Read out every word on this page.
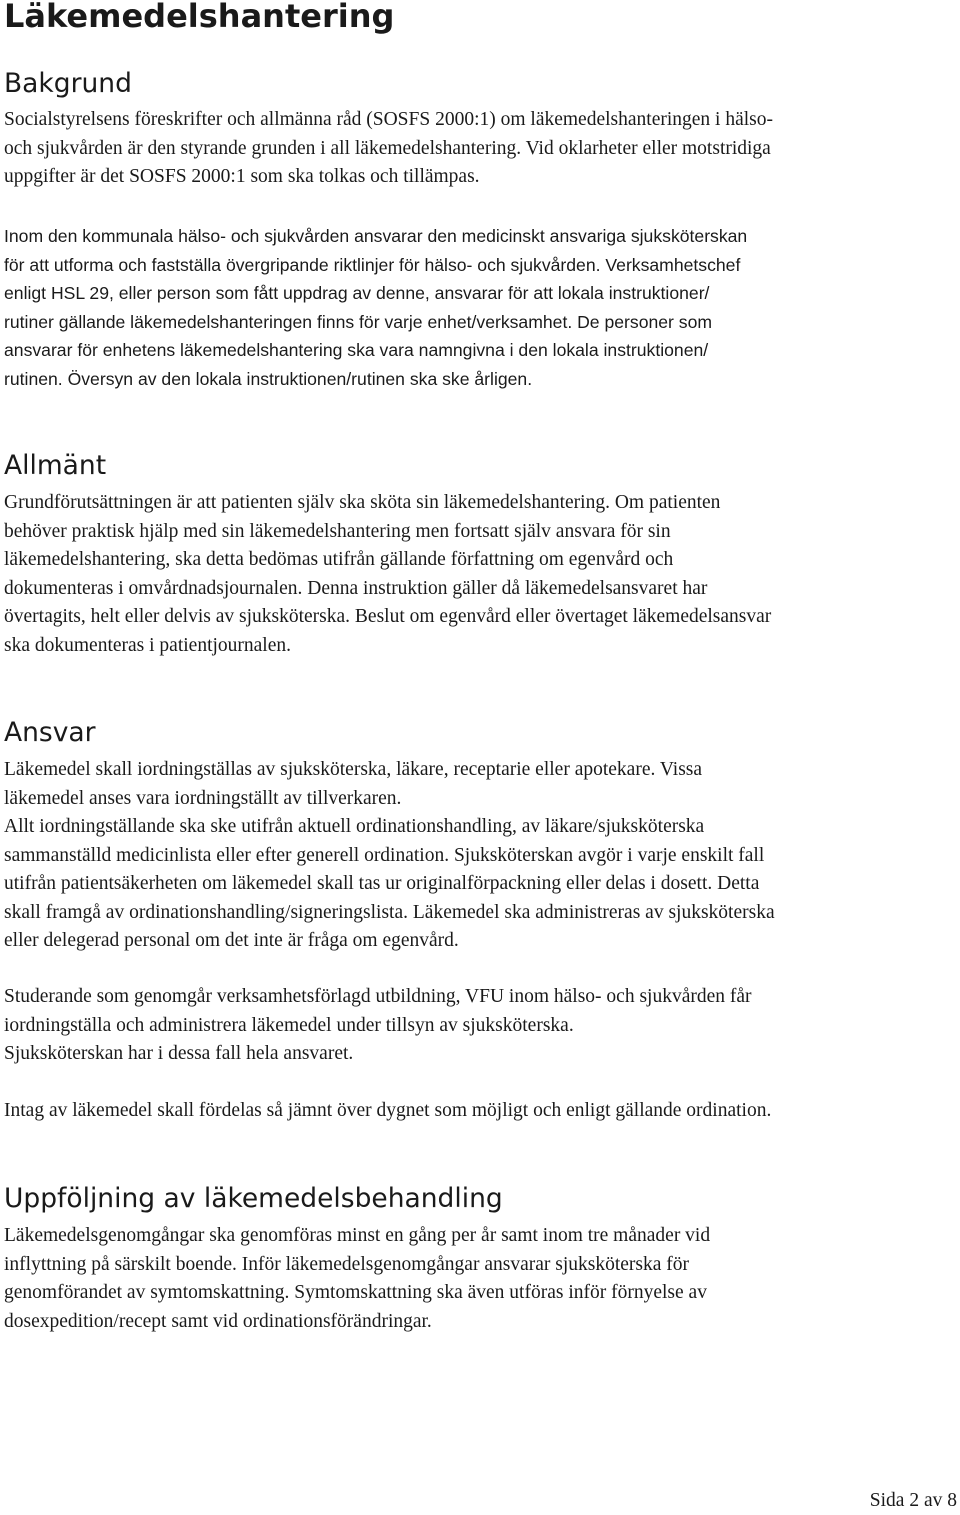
Läkemedelshantering
Bakgrund
Socialstyrelsens föreskrifter och allmänna råd (SOSFS 2000:1) om läkemedelshanteringen i hälso-
och sjukvården är den styrande grunden i all läkemedelshantering. Vid oklarheter eller motstridiga
uppgifter är det SOSFS 2000:1 som ska tolkas och tillämpas.
Inom den kommunala hälso- och sjukvården ansvarar den medicinskt ansvariga sjuksköterskan
för att utforma och fastställa övergripande riktlinjer för hälso- och sjukvården. Verksamhetschef
enligt HSL 29, eller person som fått uppdrag av denne, ansvarar för att lokala instruktioner/
rutiner gällande läkemedelshanteringen finns för varje enhet/verksamhet. De personer som
ansvarar för enhetens läkemedelshantering ska vara namngivna i den lokala instruktionen/
rutinen. Översyn av den lokala instruktionen/rutinen ska ske årligen.
Allmänt
Grundförutsättningen är att patienten själv ska sköta sin läkemedelshantering. Om patienten
behöver praktisk hjälp med sin läkemedelshantering men fortsatt själv ansvara för sin
läkemedelshantering, ska detta bedömas utifrån gällande författning om egenvård och
dokumenteras i omvårdnadsjournalen. Denna instruktion gäller då läkemedelsansvaret har
övertagits, helt eller delvis av sjuksköterska. Beslut om egenvård eller övertaget läkemedelsansvar
ska dokumenteras i patientjournalen.
Ansvar
Läkemedel skall iordningställas av sjuksköterska, läkare, receptarie eller apotekare. Vissa
läkemedel anses vara iordningställt av tillverkaren.
Allt iordningställande ska ske utifrån aktuell ordinationshandling, av läkare/sjuksköterska
sammanställd medicinlista eller efter generell ordination. Sjuksköterskan avgör i varje enskilt fall
utifrån patientsäkerheten om läkemedel skall tas ur originalförpackning eller delas i dosett. Detta
skall framgå av ordinationshandling/signeringslista. Läkemedel ska administreras av sjuksköterska
eller delegerad personal om det inte är fråga om egenvård.
Studerande som genomgår verksamhetsförlagd utbildning, VFU inom hälso- och sjukvården får
iordningställa och administrera läkemedel under tillsyn av sjuksköterska.
Sjuksköterskan har i dessa fall hela ansvaret.
Intag av läkemedel skall fördelas så jämnt över dygnet som möjligt och enligt gällande ordination.
Uppföljning av läkemedelsbehandling
Läkemedelsgenomgångar ska genomföras minst en gång per år samt inom tre månader vid
inflyttning på särskilt boende. Inför läkemedelsgenomgångar ansvarar sjuksköterska för
genomförandet av symtomskattning. Symtomskattning ska även utföras inför förnyelse av
dosexpedition/recept samt vid ordinationsförändringar.
Sida 2 av 8
